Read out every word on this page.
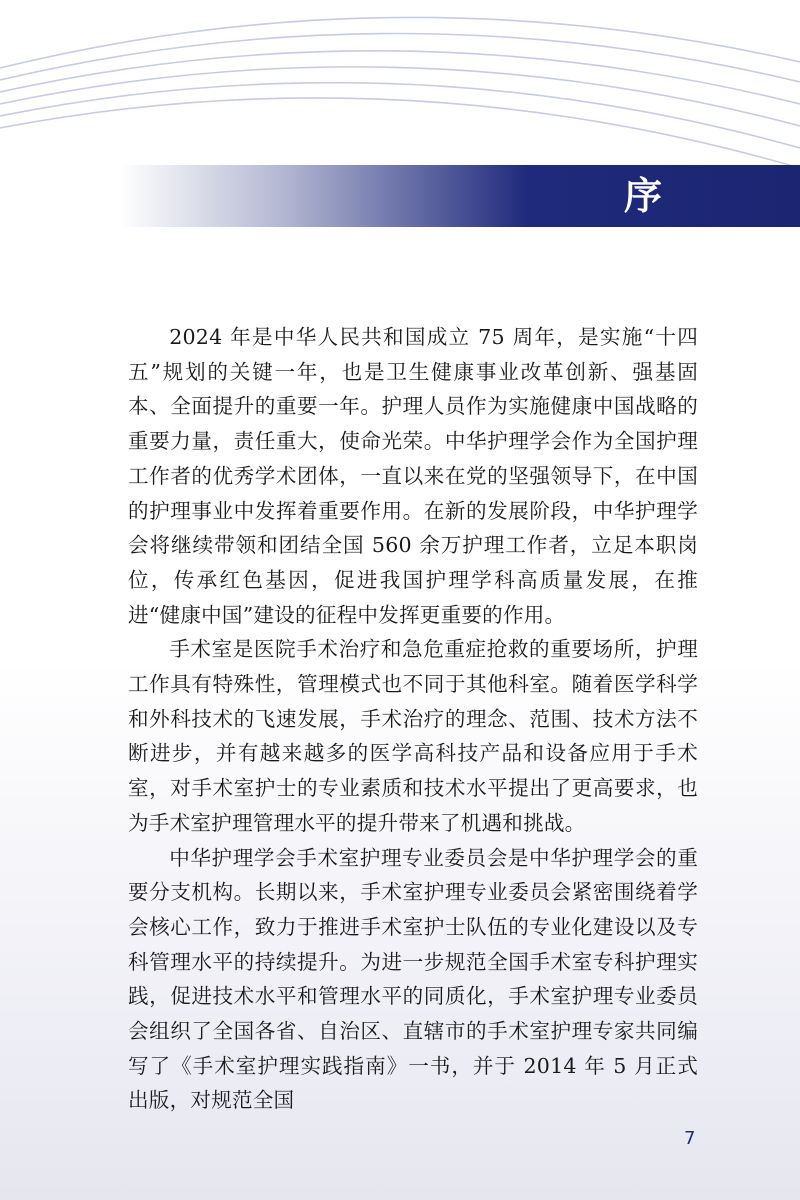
序

2024 年是中华人民共和国成立 75 周年，是实施“十四五”规划的关键一年，也是卫生健康事业改革创新、强基固本、全面提升的重要一年。护理人员作为实施健康中国战略的重要力量，责任重大，使命光荣。中华护理学会作为全国护理工作者的优秀学术团体，一直以来在党的坚强领导下，在中国的护理事业中发挥着重要作用。在新的发展阶段，中华护理学会将继续带领和团结全国 560 余万护理工作者，立足本职岗位，传承红色基因，促进我国护理学科高质量发展，在推进“健康中国”建设的征程中发挥更重要的作用。

手术室是医院手术治疗和急危重症抢救的重要场所，护理工作具有特殊性，管理模式也不同于其他科室。随着医学科学和外科技术的飞速发展，手术治疗的理念、范围、技术方法不断进步，并有越来越多的医学高科技产品和设备应用于手术室，对手术室护士的专业素质和技术水平提出了更高要求，也为手术室护理管理水平的提升带来了机遇和挑战。

中华护理学会手术室护理专业委员会是中华护理学会的重要分支机构。长期以来，手术室护理专业委员会紧密围绕着学会核心工作，致力于推进手术室护士队伍的专业化建设以及专科管理水平的持续提升。为进一步规范全国手术室专科护理实践，促进技术水平和管理水平的同质化，手术室护理专业委员会组织了全国各省、自治区、直辖市的手术室护理专家共同编写了《手术室护理实践指南》一书，并于 2014 年 5 月正式出版，对规范全国

7
